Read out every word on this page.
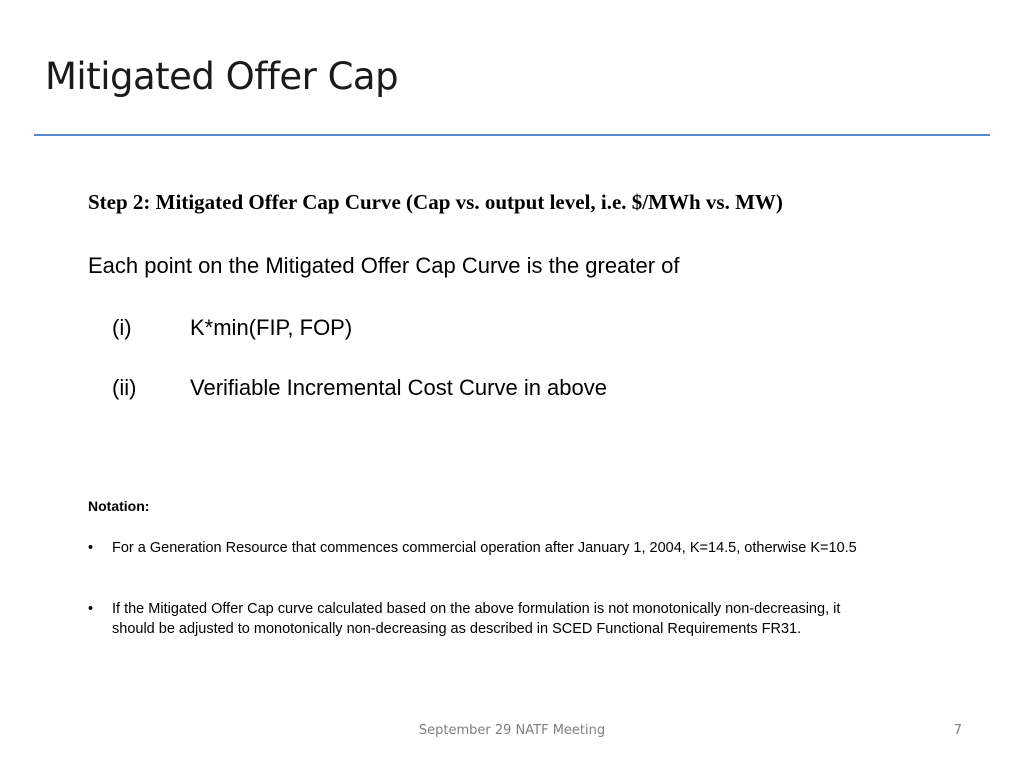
Mitigated Offer Cap
Step 2: Mitigated Offer Cap Curve (Cap vs. output level, i.e. $/MWh vs. MW)
Each point on the Mitigated Offer Cap Curve is the greater of
(i)	K*min(FIP, FOP)
(ii) Verifiable Incremental Cost Curve in above
Notation:
•	For a Generation Resource that commences commercial operation after January 1, 2004, K=14.5, otherwise K=10.5
•	If the Mitigated Offer Cap curve calculated based on the above formulation is not monotonically non-decreasing, it should be adjusted to monotonically non-decreasing as described in SCED Functional Requirements FR31.
September 29 NATF Meeting	7
